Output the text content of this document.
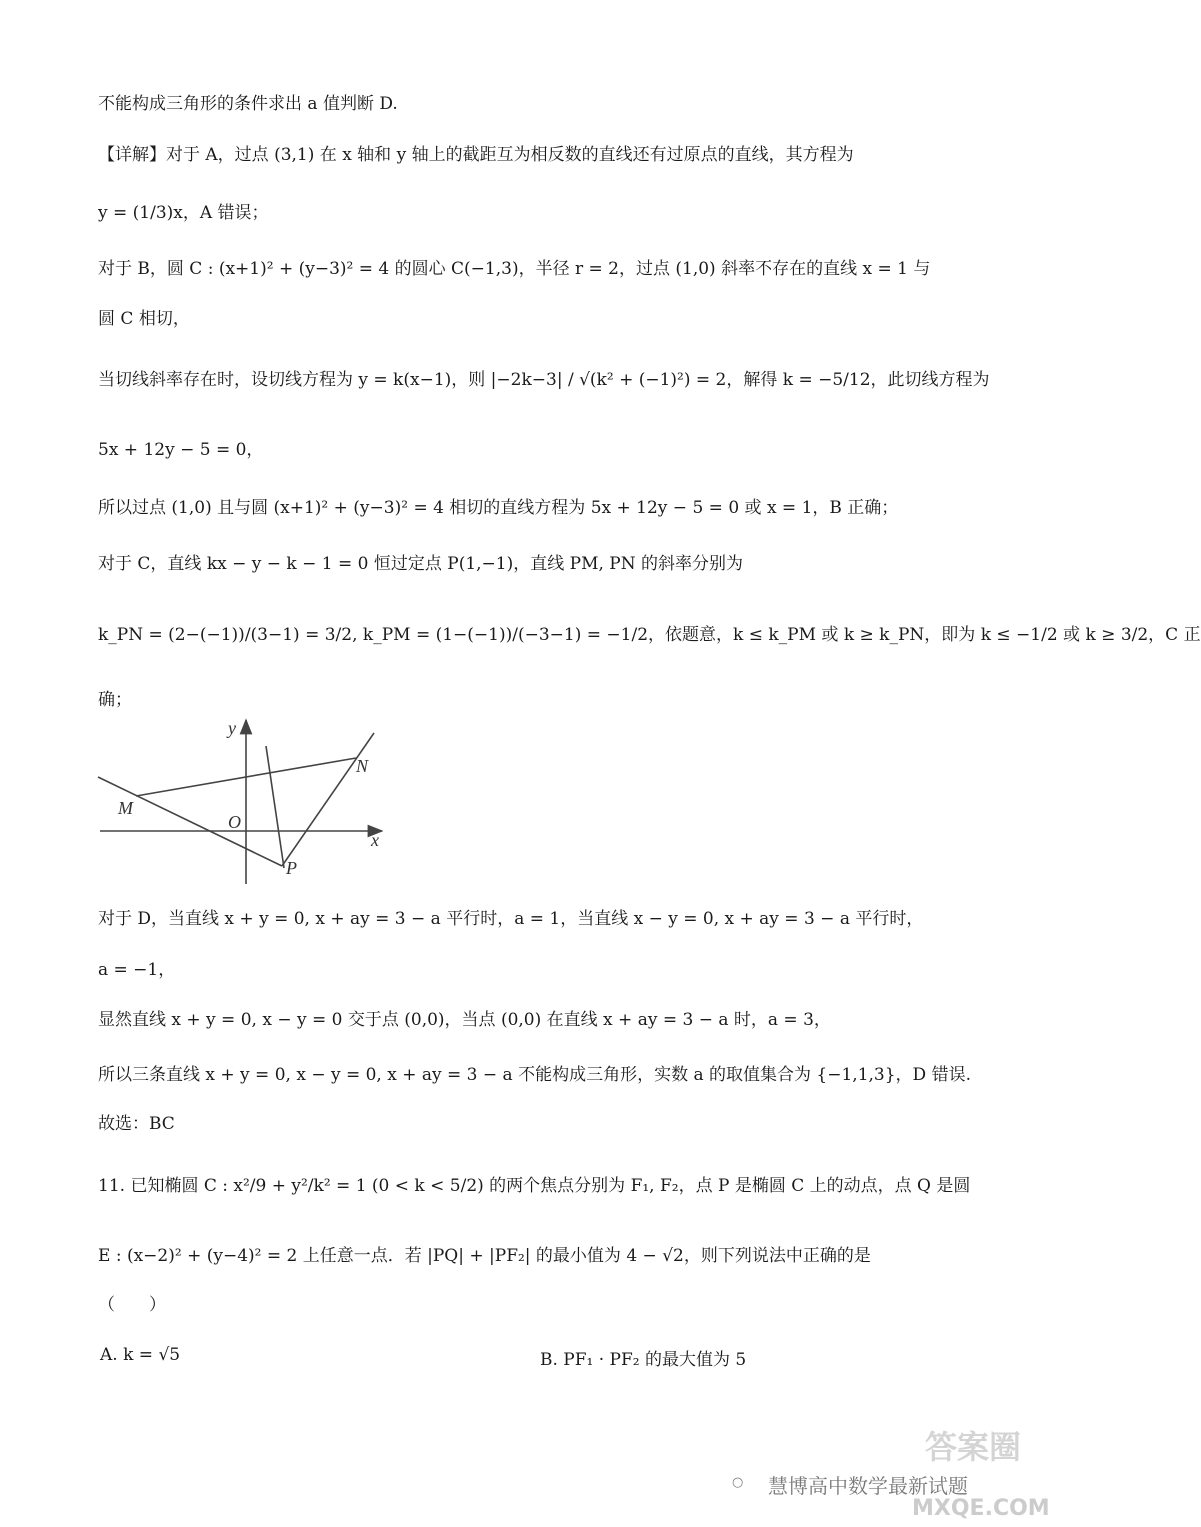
不能构成三角形的条件求出 a 值判断 D.
【详解】对于 A，过点 (3,1) 在 x 轴和 y 轴上的截距互为相反数的直线还有过原点的直线，其方程为
y = (1/3)x，A 错误；
对于 B，圆 C : (x+1)² + (y−3)² = 4 的圆心 C(−1,3)，半径 r = 2，过点 (1,0) 斜率不存在的直线 x = 1 与
圆 C 相切，
当切线斜率存在时，设切线方程为 y = k(x−1)，则 |−2k−3| / √(k² + (−1)²) = 2，解得 k = −5/12，此切线方程为
5x + 12y − 5 = 0，
所以过点 (1,0) 且与圆 (x+1)² + (y−3)² = 4 相切的直线方程为 5x + 12y − 5 = 0 或 x = 1，B 正确；
对于 C，直线 kx − y − k − 1 = 0 恒过定点 P(1,−1)，直线 PM, PN 的斜率分别为
k_PN = (2−(−1))/(3−1) = 3/2, k_PM = (1−(−1))/(−3−1) = −1/2，依题意，k ≤ k_PM 或 k ≥ k_PN，即为 k ≤ −1/2 或 k ≥ 3/2，C 正
确；
y
x
O
M
N
P
对于 D，当直线 x + y = 0, x + ay = 3 − a 平行时，a = 1，当直线 x − y = 0, x + ay = 3 − a 平行时，
a = −1，
显然直线 x + y = 0, x − y = 0 交于点 (0,0)，当点 (0,0) 在直线 x + ay = 3 − a 时，a = 3，
所以三条直线 x + y = 0, x − y = 0, x + ay = 3 − a 不能构成三角形，实数 a 的取值集合为 {−1,1,3}，D 错误.
故选：BC
11. 已知椭圆 C : x²/9 + y²/k² = 1 (0 < k < 5/2) 的两个焦点分别为 F₁, F₂，点 P 是椭圆 C 上的动点，点 Q 是圆
E : (x−2)² + (y−4)² = 2 上任意一点．若 |PQ| + |PF₂| 的最小值为 4 − √2，则下列说法中正确的是
（　　）
A. k = √5	B. PF₁ · PF₂ 的最大值为 5
○ 慧博高中数学最新试题
答案圈
MXQE.COM
